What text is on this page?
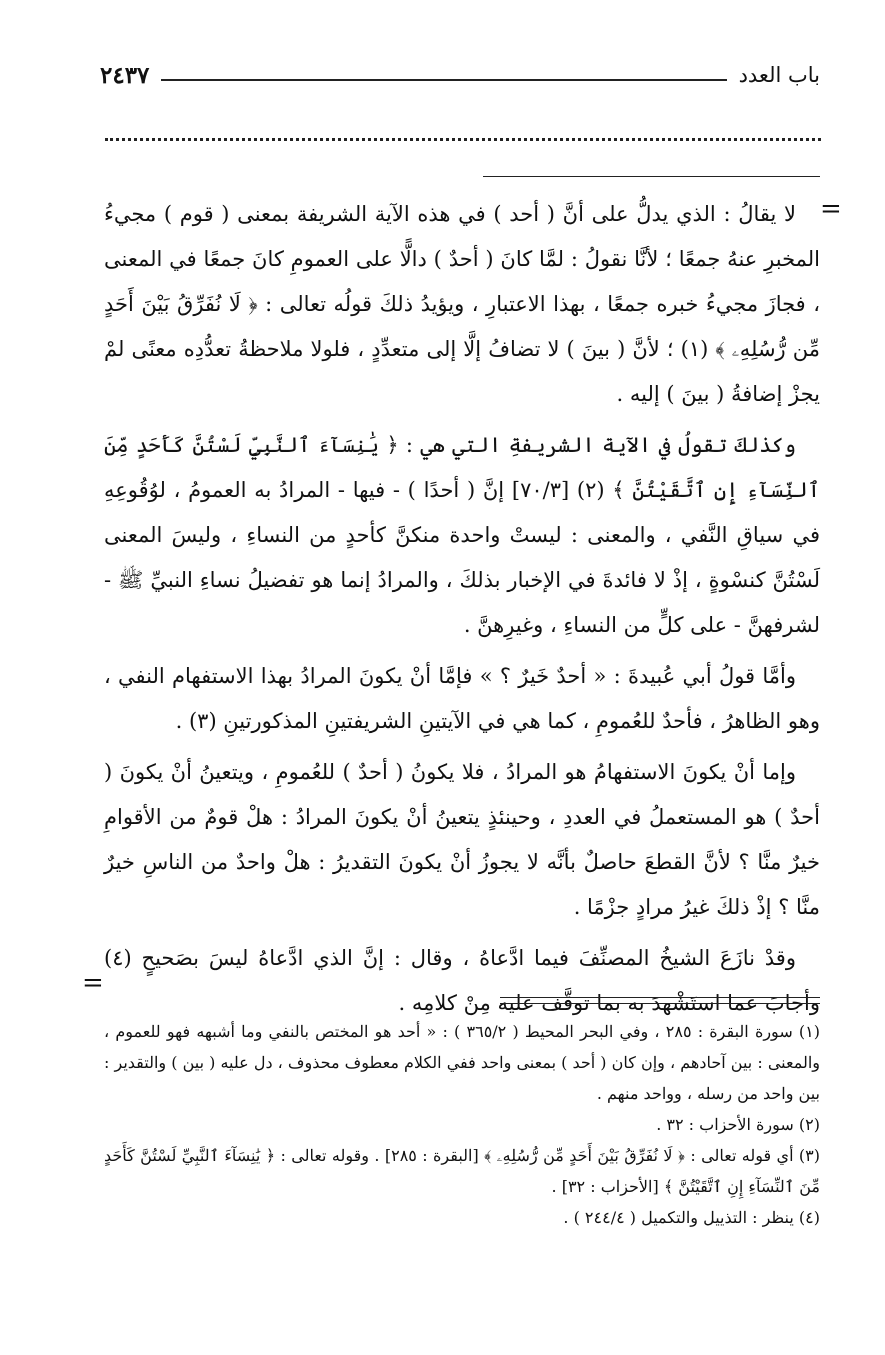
باب العدد
٢٤٣٧
=

لا يقالُ : الذي يدلُّ على أنَّ ( أحد ) في هذه الآية الشريفة بمعنى ( قوم ) مجيءُ المخبرِ عنهُ جمعًا ؛ لأنَّا نقولُ : لمَّا كانَ ( أحدٌ ) دالًّا على العمومِ كانَ جمعًا في المعنى ، فجازَ مجيءُ خبره جمعًا ، بهذا الاعتبارِ ، ويؤيدُ ذلكَ قولُه تعالى : ﴿ لَا نُفَرِّقُ بَيْنَ أَحَدٍ مِّن رُّسُلِهِۦ ﴾ (١) ؛ لأنَّ ( بينَ ) لا تضافُ إلَّا إلى متعدِّدٍ ، فلولا ملاحظةُ تعدُّدِه معنًى لمْ يجزْ إضافةُ ( بينَ ) إليه .

وكذلكَ تقولُ في الآية الشريفةِ التي هي : ﴿ يَٰنِسَآءَ ٱلنَّبِيِّ لَسْتُنَّ كَأَحَدٍ مِّنَ ٱلنِّسَآءِ إِنِ ٱتَّقَيْتُنَّ ﴾ (٢) [٧٠/٣] إنَّ ( أحدًا ) - فيها - المرادُ به العمومُ ، لوُقُوعِهِ في سياقِ النَّفي ، والمعنى : ليستْ واحدة منكنَّ كأحدٍ من النساءِ ، وليسَ المعنى لَسْتُنَّ كنسْوةٍ ، إذْ لا فائدةَ في الإخبار بذلكَ ، والمرادُ إنما هو تفضيلُ نساءِ النبيِّ ﷺ - لشرفهنَّ - على كلٍّ من النساءِ ، وغيرِهنَّ .

وأمَّا قولُ أبي عُبيدةَ : « أحدٌ خَيرٌ ؟ » فإمَّا أنْ يكونَ المرادُ بهذا الاستفهام النفي ، وهو الظاهرُ ، فأحدٌ للعُمومِ ، كما هي في الآيتينِ الشريفتينِ المذكورتينِ (٣) .

وإما أنْ يكونَ الاستفهامُ هو المرادُ ، فلا يكونُ ( أحدٌ ) للعُمومِ ، ويتعينُ أنْ يكونَ ( أحدٌ ) هو المستعملُ في العددِ ، وحينئذٍ يتعينُ أنْ يكونَ المرادُ : هلْ قومٌ من الأقوامِ خيرٌ منَّا ؟ لأنَّ القطعَ حاصلٌ بأنَّه لا يجوزُ أنْ يكونَ التقديرُ : هلْ واحدٌ من الناسِ خيرٌ منَّا ؟ إذْ ذلكَ غيرُ مرادٍ جزْمًا .

وقدْ نازَعَ الشيخُ المصنِّفَ فيما ادَّعاهُ ، وقال : إنَّ الذي ادَّعاهُ ليسَ بصَحيحٍ (٤) وأجابَ عما استَشْهدَ به بما توقَّف عليه مِنْ كلامِه .

=

(١) سورة البقرة : ٢٨٥ ، وفي البحر المحيط ( ٣٦٥/٢ ) : « أحد هو المختص بالنفي وما أشبهه فهو للعموم ، والمعنى : بين آحادهم ، وإن كان ( أحد ) بمعنى واحد ففي الكلام معطوف محذوف ، دل عليه ( بين ) والتقدير : بين واحد من رسله ، وواحد منهم .

(٢) سورة الأحزاب : ٣٢ .

(٣) أي قوله تعالى : ﴿ لَا نُفَرِّقُ بَيْنَ أَحَدٍ مِّن رُّسُلِهِۦ ﴾ [البقرة : ٢٨٥] . وقوله تعالى : ﴿ يَٰنِسَآءَ ٱلنَّبِيِّ لَسْتُنَّ كَأَحَدٍ مِّنَ ٱلنِّسَآءِ إِنِ ٱتَّقَيْتُنَّ ﴾ [الأحزاب : ٣٢] .

(٤) ينظر : التذييل والتكميل ( ٢٤٤/٤ ) .
